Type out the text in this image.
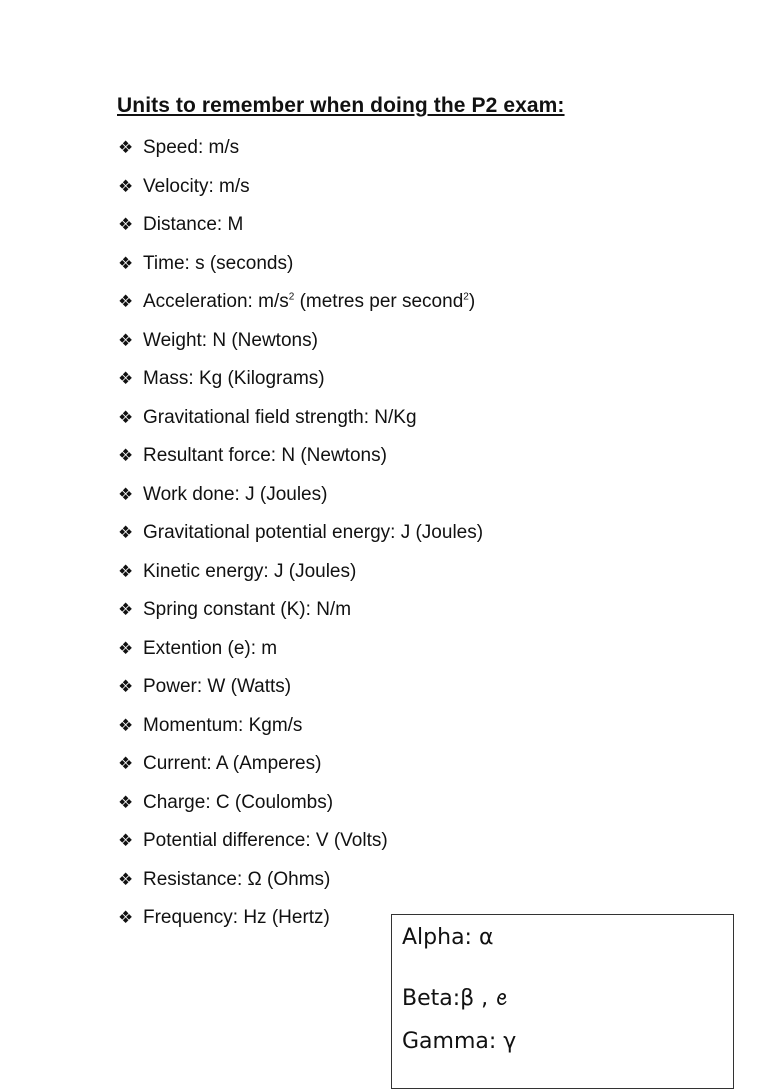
Units to remember when doing the P2 exam:
❖ Speed: m/s
❖ Velocity: m/s
❖ Distance: M
❖ Time: s (seconds)
❖ Acceleration: $m/s^2$ (metres per second$^2$)
❖ Weight: N (Newtons)
❖ Mass: Kg (Kilograms)
❖ Gravitational field strength: N/Kg
❖ Resultant force: N (Newtons)
❖ Work done: J (Joules)
❖ Gravitational potential energy: J (Joules)
❖ Kinetic energy: J (Joules)
❖ Spring constant (K): N/m
❖ Extention (e): m
❖ Power: W (Watts)
❖ Momentum: Kgm/s
❖ Current: A (Amperes)
❖ Charge: C (Coulombs)
❖ Potential difference: V (Volts)
❖ Resistance: Ω (Ohms)
❖ Frequency: Hz (Hertz)
Alpha: α
Beta:β , ꫀ
Gamma: γ
